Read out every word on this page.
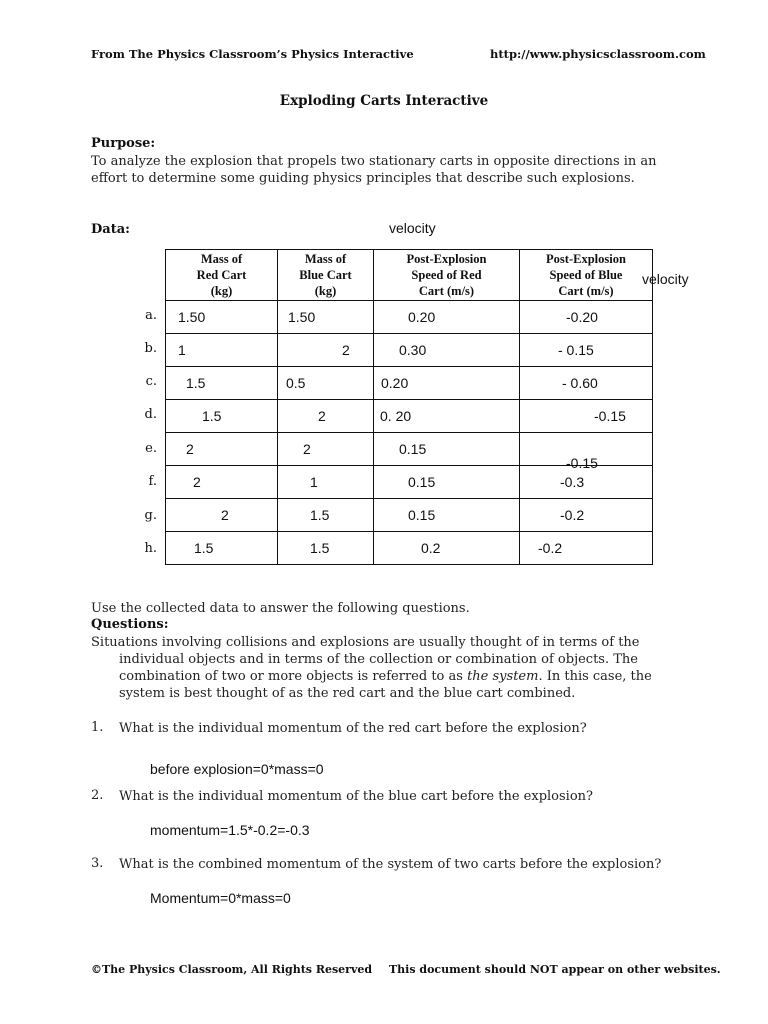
From The Physics Classroom’s Physics Interactive	http://www.physicsclassroom.com
Exploding Carts Interactive
Purpose:
To analyze the explosion that propels two stationary carts in opposite directions in an
effort to determine some guiding physics principles that describe such explosions.
Data:	velocity
velocity
a.
b.
c.
d.
e.
f.
g.
h.
Mass of
Red Cart
(kg)	Mass of
Blue Cart
(kg)	Post-Explosion
Speed of Red
Cart (m/s)	Post-Explosion
Speed of Blue
Cart (m/s)

1.50	1.50	0.20	-0.20

1	2	0.30	- 0.15

1.5	0.5	0.20	- 0.60

1.5	2	0. 20	-0.15

2	2	0.15	-0.15

2	1	0.15	-0.3

2	1.5	0.15	-0.2

1.5	1.5	0.2	-0.2
Use the collected data to answer the following questions.
Questions:
Situations involving collisions and explosions are usually thought of in terms of the
individual objects and in terms of the collection or combination of objects. The
combination of two or more objects is referred to as the system. In this case, the
system is best thought of as the red cart and the blue cart combined.
1. What is the individual momentum of the red cart before the explosion?
before explosion=0*mass=0
2. What is the individual momentum of the blue cart before the explosion?
momentum=1.5*-0.2=-0.3
3. What is the combined momentum of the system of two carts before the explosion?
Momentum=0*mass=0
©The Physics Classroom, All Rights Reserved This document should NOT appear on other websites.
